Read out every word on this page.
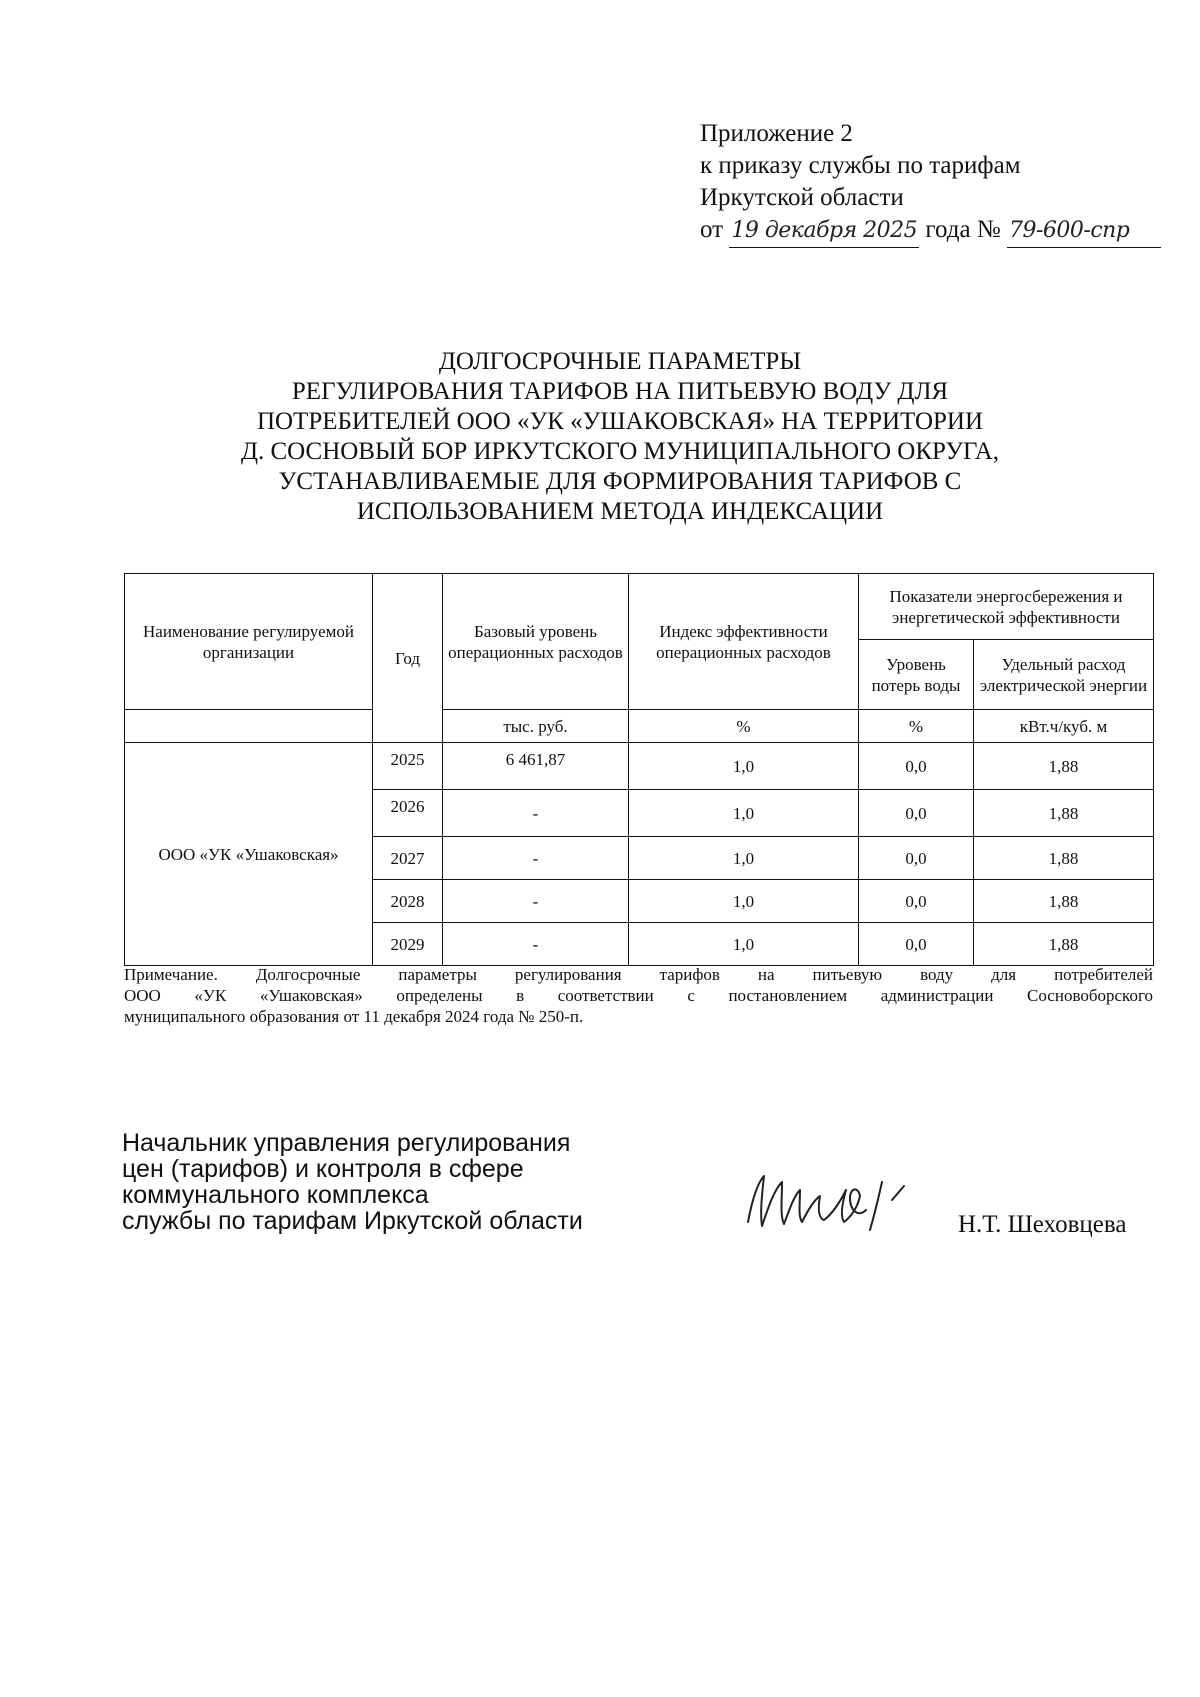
Приложение 2
к приказу службы по тарифам
Иркутской области
от 19 декабря 2025 года № 79-600-спр
ДОЛГОСРОЧНЫЕ ПАРАМЕТРЫ
РЕГУЛИРОВАНИЯ ТАРИФОВ НА ПИТЬЕВУЮ ВОДУ ДЛЯ
ПОТРЕБИТЕЛЕЙ ООО «УК «УШАКОВСКАЯ» НА ТЕРРИТОРИИ
Д. СОСНОВЫЙ БОР ИРКУТСКОГО МУНИЦИПАЛЬНОГО ОКРУГА,
УСТАНАВЛИВАЕМЫЕ ДЛЯ ФОРМИРОВАНИЯ ТАРИФОВ С
ИСПОЛЬЗОВАНИЕМ МЕТОДА ИНДЕКСАЦИИ
Наименование регулируемой организации	Год	Базовый уровень операционных расходов	Индекс эффективности операционных расходов	Показатели энергосбережения и энергетической эффективности	
				Уровень потерь воды	Удельный расход электрической энергии
		тыс. руб.	%	%	кВт.ч/куб. м
ООО «УК «Ушаковская»	2025	6 461,87	1,0	0,0	1,88
	2026	-	1,0	0,0	1,88
	2027	-	1,0	0,0	1,88
	2028	-	1,0	0,0	1,88
	2029	-	1,0	0,0	1,88

Примечание. Долгосрочные параметры регулирования тарифов на питьевую воду для потребителей

ООО «УК «Ушаковская» определены в соответствии с постановлением администрации Сосновоборского

муниципального образования от 11 декабря 2024 года № 250-п.

Начальник управления регулирования
цен (тарифов) и контроля в сфере
коммунального комплекса
службы по тарифам Иркутской области	Н.Т. Шеховцева
